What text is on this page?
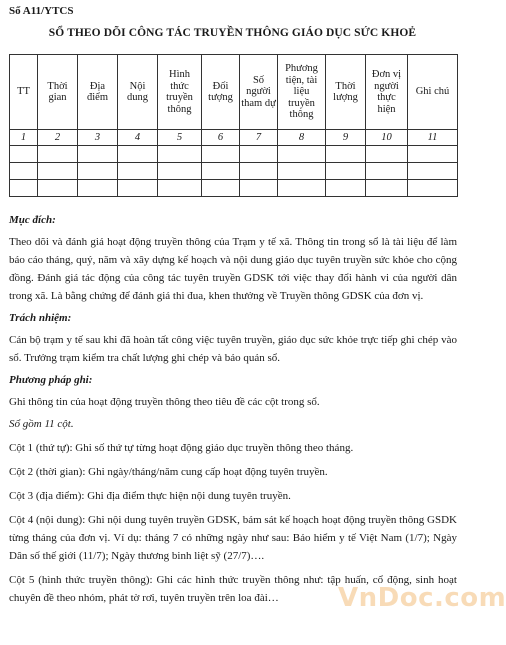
Sổ A11/YTCS
SỔ THEO DÕI CÔNG TÁC TRUYỀN THÔNG GIÁO DỤC SỨC KHOẺ
TT	Thời gian	Địa điểm	Nội dung	Hình thức truyền thông	Đối tượng	Số người tham dự	Phương tiện, tài liệu truyền thông	Thời lượng	Đơn vị người thực hiện	Ghi chú
1	2	3	4	5	6	7	8	9	10	11

Mục đích:

Theo dõi và đánh giá hoạt động truyền thông của Trạm y tế xã. Thông tin trong sổ là tài liệu để làm báo cáo tháng, quý, năm và xây dựng kế hoạch và nội dung giáo dục tuyên truyền sức khỏe cho cộng đồng. Đánh giá tác động của công tác tuyên truyền GDSK tới việc thay đổi hành vi của người dân trong xã. Là bằng chứng để đánh giá thi đua, khen thưởng về Truyền thông GDSK của đơn vị.

Trách nhiệm:

Cán bộ trạm y tế sau khi đã hoàn tất công việc tuyên truyền, giáo dục sức khỏe trực tiếp ghi chép vào sổ. Trưởng trạm kiểm tra chất lượng ghi chép và bảo quản sổ.

Phương pháp ghi:

Ghi thông tin của hoạt động truyền thông theo tiêu đề các cột trong sổ.

Sổ gồm 11 cột.

Cột 1 (thứ tự): Ghi số thứ tự từng hoạt động giáo dục truyền thông theo tháng.

Cột 2 (thời gian): Ghi ngày/tháng/năm cung cấp hoạt động tuyên truyền.

Cột 3 (địa điểm): Ghi địa điểm thực hiện nội dung tuyên truyền.

Cột 4 (nội dung): Ghi nội dung tuyên truyền GDSK, bám sát kế hoạch hoạt động truyền thông GSDK từng tháng của đơn vị. Ví dụ: tháng 7 có những ngày như sau: Bảo hiểm y tế Việt Nam (1/7); Ngày Dân số thế giới (11/7); Ngày thương binh liệt sỹ (27/7)….

Cột 5 (hình thức truyền thông): Ghi các hình thức truyền thông như: tập huấn, cổ động, sinh hoạt chuyên đề theo nhóm, phát tờ rơi, tuyên truyền trên loa đài…	VnDoc.com
